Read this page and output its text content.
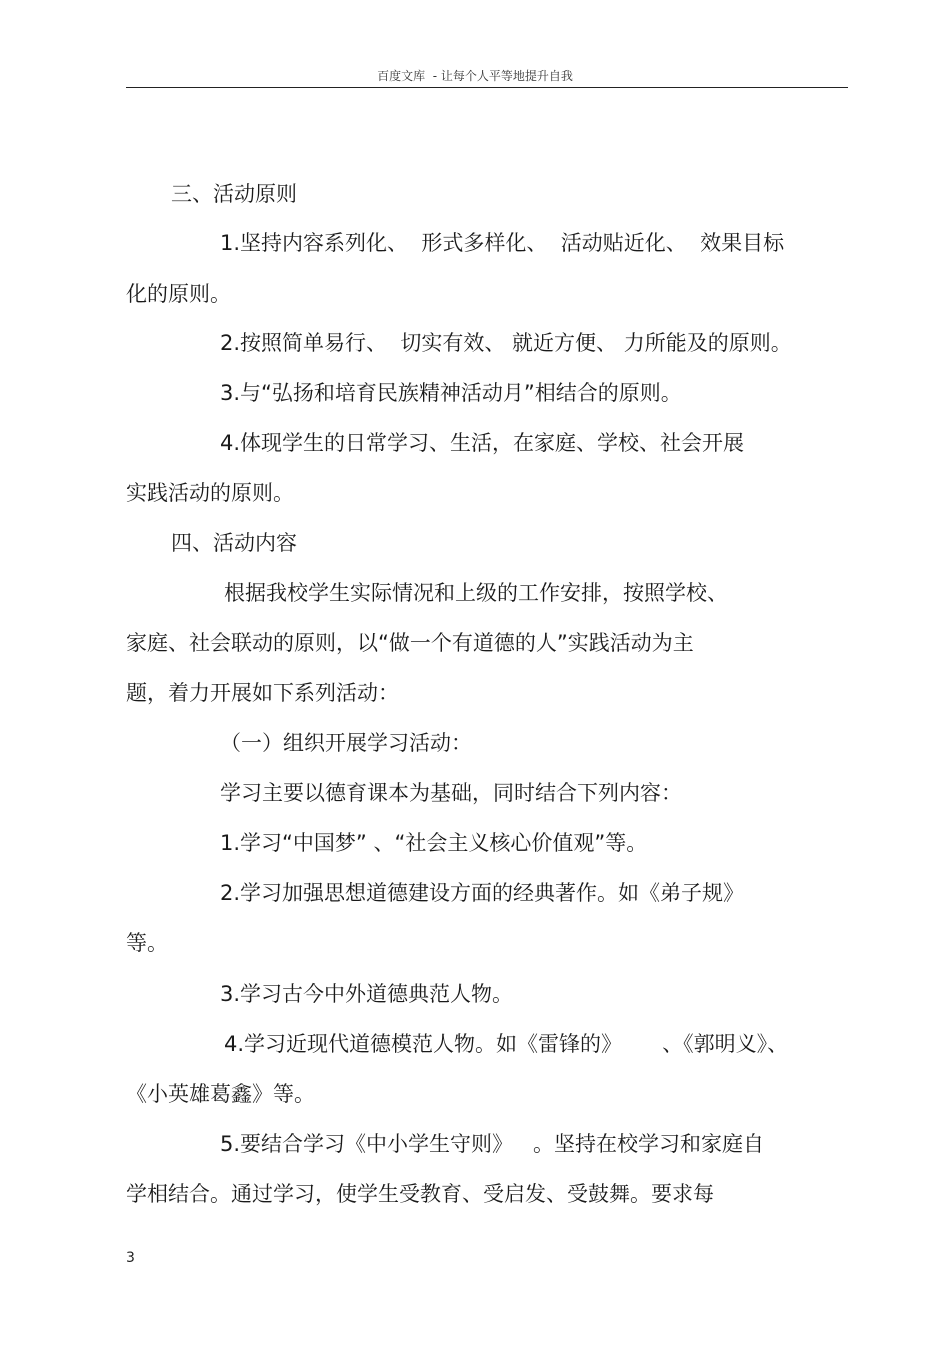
百度文库  - 让每个人平等地提升自我
三、活动原则
1.坚持内容系列化、  形式多样化、  活动贴近化、  效果目标
化的原则。
2.按照简单易行、  切实有效、 就近方便、 力所能及的原则。
3.与“弘扬和培育民族精神活动月”相结合的原则。
4.体现学生的日常学习、生活，在家庭、学校、社会开展
实践活动的原则。
四、活动内容
根据我校学生实际情况和上级的工作安排，按照学校、
家庭、社会联动的原则，以“做一个有道德的人”实践活动为主
题，着力开展如下系列活动：
（一）组织开展学习活动：
学习主要以德育课本为基础，同时结合下列内容：
1.学习“中国梦” 、“社会主义核心价值观”等。
2.学习加强思想道德建设方面的经典著作。如《弟子规》
等。
3.学习古今中外道德典范人物。
4.学习近现代道德模范人物。如《雷锋的》      、《郭明义》、
《小英雄葛鑫》等。
5.要结合学习《中小学生守则》   。坚持在校学习和家庭自
学相结合。通过学习，使学生受教育、受启发、受鼓舞。要求每
3
